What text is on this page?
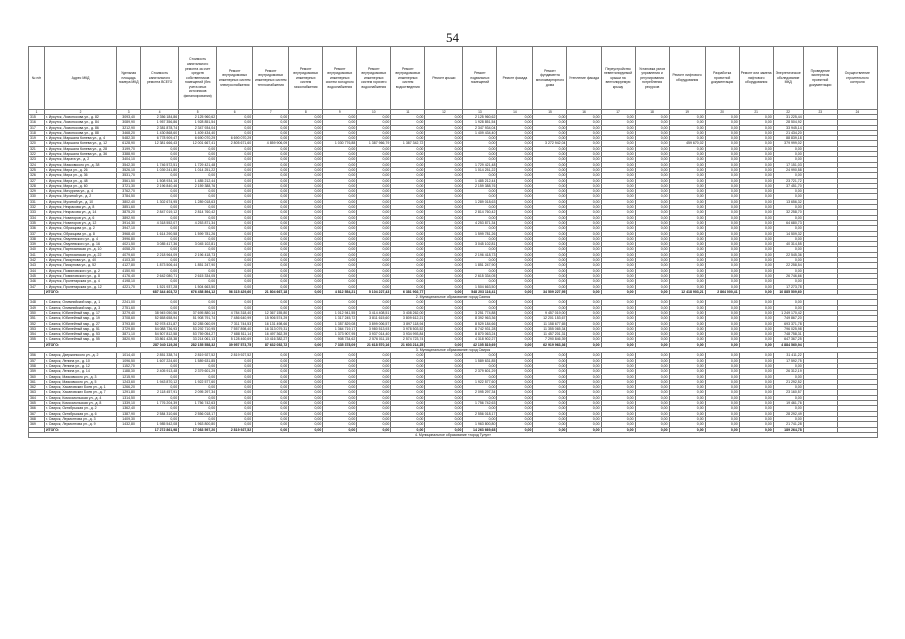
54
№ п/п	Адрес МКД	Удельная площадь номера МКД	Стоимость капитального ремонта ВСЕГО	Стоимость капитального ремонта за счет средств собственников помещений (без учета иных источников финансирования)	Ремонт внутридомовых инженерных систем электроснабжения	Ремонт внутридомовых инженерных систем теплоснабжения	Ремонт внутридомовых инженерных систем газоснабжения	Ремонт внутридомовых инженерных систем холодного водоснабжения	Ремонт внутридомовых инженерных систем горячего водоснабжения	Ремонт внутридомовых инженерных систем водоотведения	Ремонт крыши	Ремонт подвальных помещений	Ремонт фасада	Ремонт фундамента многоквартирного дома	Утепление фасада	Переустройство невентилируемой крыши на вентилируемую крышу	Установка узлов управления и регулирования потребления ресурсов	Ремонт лифтового оборудования	Разработка проектной документации	Ремонт или замена лифтового оборудования	Энергетическое обследование МКД	Проведение экспертизы проектной документации	Осуществление строительного контроля
1	2	3	4	5	6	7	8	9	10	11	12	13	14	15	16	17	18	19	20	21	22	23	24
315	г. Иркутск, Ломоносова ул., д. 82	3093,40	2 356 184,86	2 125 960,62	0,00	0,00	0,00	0,00	0,00	0,00	0,00	2 125 960,62	0,00	0,00	0,00	0,00	0,00	0,00	0,00	0,00	31 225,44		
316	г. Иркутск, Ломоносова ул., д. 84	3089,90	1 957 356,86	1 928 851,54	0,00	0,00	0,00	0,00	0,00	0,00	0,00	1 928 851,54	0,00	0,00	0,00	0,00	0,00	0,00	0,00	0,00	28 504,92		
317	г. Иркутск, Ломоносова ул., д. 86	3212,90	2 381 878,74	2 347 934,04	0,00	0,00	0,00	0,00	0,00	0,00	0,00	2 347 934,04	0,00	0,00	0,00	0,00	0,00	0,00	0,00	0,00	33 945,14		
318	г. Иркутск, Ломоносова ул., д. 88	3468,20	1 430 868,60	1 409 434,40	0,00	0,00	0,00	0,00	0,00	0,00	0,00	1 409 434,40	0,00	0,00	0,00	0,00	0,00	0,00	0,00	0,00	21 434,20		
319	г. Иркутск, Маршала Конева ул., д. 4	5482,30	6 778 909,47	6 690 070,29	6 690 070,29	0,00	0,00	0,00	0,00	0,00	0,00	0,00	0,00	0,00	0,00	0,00	0,00	0,00	0,00	0,00	88 839,18		
320	г. Иркутск, Маршала Конева ул., д. 12	6128,90	12 381 666,43	12 001 667,41	2 805 671,60	4 859 906,09	0,00	1 030 776,88	1 387 966,79	1 387 342,72	0,00	0,00	0,00	3 272 942,04	0,00	0,00	0,00	459 670,02	0,00	0,00	379 999,02		
321	г. Иркутск, Маршала Конева ул., д. 28	3199,70	0,00	0,00	0,00	0,00	0,00	0,00	0,00	0,00	0,00	0,00	0,00	0,00	0,00	0,00	0,00	0,00	0,00	0,00	0,00		
322	г. Иркутск, Маршала Конева ул., д. 36	3388,90	0,00	0,00	0,00	0,00	0,00	0,00	0,00	0,00	0,00	0,00	0,00	0,00	0,00	0,00	0,00	0,00	0,00	0,00	0,00		
323	г. Иркутск, Марата ул., д. 2	3404,10	0,00	0,00	0,00	0,00	0,00	0,00	0,00	0,00	0,00	0,00	0,00	0,00	0,00	0,00	0,00	0,00	0,00	0,00	0,00		
324	г. Иркутск, Маяковского ул., д. 38	3542,30	1 746 572,51	1 729 421,48	0,00	0,00	0,00	0,00	0,00	0,00	0,00	1 729 421,48	0,00	0,00	0,00	0,00	0,00	0,00	0,00	0,00	17 151,03		
325	г. Иркутск, Мира ул., д. 26	3526,10	1 039 241,80	1 014 251,22	0,00	0,00	0,00	0,00	0,00	0,00	0,00	1 014 251,22	0,00	0,00	0,00	0,00	0,00	0,00	0,00	0,00	24 990,58		
326	г. Иркутск, Мира ул., д. 36	3531,70	0,00	0,00	0,00	0,00	0,00	0,00	0,00	0,00	0,00	0,00	0,00	0,00	0,00	0,00	0,00	0,00	0,00	0,00	0,00		
327	г. Иркутск, Мира ул., д. 48	3561,50	1 508 934,16	1 485 212,44	0,00	0,00	0,00	0,00	0,00	0,00	0,00	1 485 212,44	0,00	0,00	0,00	0,00	0,00	0,00	0,00	0,00	23 721,72		
328	г. Иркутск, Мира ул., д. 60	3721,30	2 196 840,46	2 159 388,76	0,00	0,00	0,00	0,00	0,00	0,00	0,00	2 159 388,76	0,00	0,00	0,00	0,00	0,00	0,00	0,00	0,00	37 451,70		
329	г. Иркутск, Мичурина ул., д. 4	3762,70	0,00	0,00	0,00	0,00	0,00	0,00	0,00	0,00	0,00	0,00	0,00	0,00	0,00	0,00	0,00	0,00	0,00	0,00	0,00		
330	г. Иркутск, Мухиной ул., д. 2	3784,50	0,00	0,00	0,00	0,00	0,00	0,00	0,00	0,00	0,00	0,00	0,00	0,00	0,00	0,00	0,00	0,00	0,00	0,00	0,00		
331	г. Иркутск, Мухиной ул., д. 10	3802,40	1 302 674,95	1 289 018,63	0,00	0,00	0,00	0,00	0,00	0,00	0,00	1 289 018,63	0,00	0,00	0,00	0,00	0,00	0,00	0,00	0,00	13 656,32		
332	г. Иркутск, Некрасова ул., д. 8	3851,60	0,00	0,00	0,00	0,00	0,00	0,00	0,00	0,00	0,00	0,00	0,00	0,00	0,00	0,00	0,00	0,00	0,00	0,00	0,00		
333	г. Иркутск, Некрасова ул., д. 14	3875,20	2 847 019,12	2 814 760,42	0,00	0,00	0,00	0,00	0,00	0,00	0,00	2 814 760,42	0,00	0,00	0,00	0,00	0,00	0,00	0,00	0,00	32 258,70		
334	г. Иркутск, Новаторов ул., д. 6	3892,90	0,00	0,00	0,00	0,00	0,00	0,00	0,00	0,00	0,00	0,00	0,00	0,00	0,00	0,00	0,00	0,00	0,00	0,00	0,00		
335	г. Иркутск, Новаторов ул., д. 12	3914,30	4 318 552,07	4 253 871,34	0,00	0,00	0,00	0,00	0,00	0,00	0,00	4 253 871,34	0,00	0,00	0,00	0,00	0,00	0,00	0,00	0,00	64 680,73		
336	г. Иркутск, Образцова ул., д. 2	3947,10	0,00	0,00	0,00	0,00	0,00	0,00	0,00	0,00	0,00	0,00	0,00	0,00	0,00	0,00	0,00	0,00	0,00	0,00	0,00		
337	г. Иркутск, Образцова ул., д. 8	3968,40	1 614 290,58	1 599 781,26	0,00	0,00	0,00	0,00	0,00	0,00	0,00	1 599 781,26	0,00	0,00	0,00	0,00	0,00	0,00	0,00	0,00	14 509,32		
338	г. Иркутск, Омулевского ул., д. 4	3996,80	0,00	0,00	0,00	0,00	0,00	0,00	0,00	0,00	0,00	0,00	0,00	0,00	0,00	0,00	0,00	0,00	0,00	0,00	0,00		
339	г. Иркутск, Омулевского ул., д. 16	4021,50	3 085 417,36	3 045 102,81	0,00	0,00	0,00	0,00	0,00	0,00	0,00	3 045 102,81	0,00	0,00	0,00	0,00	0,00	0,00	0,00	0,00	40 314,55		
340	г. Иркутск, Партизанская ул., д. 10	4058,20	0,00	0,00	0,00	0,00	0,00	0,00	0,00	0,00	0,00	0,00	0,00	0,00	0,00	0,00	0,00	0,00	0,00	0,00	0,00		
341	г. Иркутск, Партизанская ул., д. 22	4079,60	2 218 964,09	2 196 418,73	0,00	0,00	0,00	0,00	0,00	0,00	0,00	2 196 418,73	0,00	0,00	0,00	0,00	0,00	0,00	0,00	0,00	22 545,36		
342	г. Иркутск, Пискунова ул., д. 40	4103,30	0,00	0,00	0,00	0,00	0,00	0,00	0,00	0,00	0,00	0,00	0,00	0,00	0,00	0,00	0,00	0,00	0,00	0,00	0,00		
343	г. Иркутск, Пискунова ул., д. 52	4127,80	1 873 506,44	1 851 247,90	0,00	0,00	0,00	0,00	0,00	0,00	0,00	1 851 247,90	0,00	0,00	0,00	0,00	0,00	0,00	0,00	0,00	22 258,54		
344	г. Иркутск, Помяловского ул., д. 2	4150,90	0,00	0,00	0,00	0,00	0,00	0,00	0,00	0,00	0,00	0,00	0,00	0,00	0,00	0,00	0,00	0,00	0,00	0,00	0,00		
345	г. Иркутск, Помяловского ул., д. 8	4176,40	2 642 080,71	2 615 334,05	0,00	0,00	0,00	0,00	0,00	0,00	0,00	2 615 334,05	0,00	0,00	0,00	0,00	0,00	0,00	0,00	0,00	26 746,66		
346	г. Иркутск, Пролетарская ул., д. 4	4198,10	0,00	0,00	0,00	0,00	0,00	0,00	0,00	0,00	0,00	0,00	0,00	0,00	0,00	0,00	0,00	0,00	0,00	0,00	0,00		
347	г. Иркутск, Пролетарская ул., д. 12	4221,70	1 521 937,28	1 504 663,50	0,00	0,00	0,00	0,00	0,00	0,00	0,00	1 504 663,50	0,00	0,00	0,00	0,00	0,00	0,00	0,00	0,00	17 273,78		
	ИТОГО:		687 344 403,72	676 458 894,12	56 315 429,60	21 804 667,18	0,00	4 812 554,21	5 104 227,43	6 381 902,77	0,00	548 203 116,41	0,00	34 509 227,95	0,00	0,00	0,00	12 418 903,21	2 864 000,41	0,00	10 885 509,60		
2. Муниципальное образование город Саянск																							
348	г. Саянск, Олимпийский мкр., д. 1	2241,00	0,00	0,00	0,00	0,00	0,00	0,00	0,00	0,00	0,00	0,00	0,00	0,00	0,00	0,00	0,00	0,00	0,00	0,00	0,00		
349	г. Саянск, Олимпийский мкр., д. 3	2751,60	0,00	0,00	0,00	0,00	0,00	0,00	0,00	0,00	0,00	0,00	0,00	0,00	0,00	0,00	0,00	0,00	0,00	0,00	0,00		
350	г. Саянск, Юбилейный мкр., д. 17	3279,40	38 945 050,56	37 695 880,14	4 784 318,40	12 367 155,80	0,00	1 012 941,55	3 414 408,51	3 408 262,00	0,00	3 251 774,88	0,00	9 457 019,00	0,00	0,00	0,00	0,00	0,00	0,00	1 249 170,42		
351	г. Саянск, Юбилейный мкр., д. 19	3708,60	52 658 658,94	51 908 791,74	7 486 640,99	15 906 574,29	0,00	1 317 245,72	3 811 615,60	3 809 612,21	0,00	8 392 963,36	0,00	12 201 153,67	0,00	0,00	0,00	0,00	0,00	0,00	749 867,20		
352	г. Саянск, Юбилейный мкр., д. 27	3793,80	52 978 431,87	52 285 060,09	7 311 744,53	16 131 498,66	0,00	1 357 829,08	3 899 006,57	3 897 118,94	0,00	8 529 184,66	0,00	11 158 677,65	0,00	0,00	0,00	0,00	0,00	0,00	693 371,78		
353	г. Саянск, Юбилейный мкр., д. 51	3729,80	54 088 736,93	53 292 710,95	7 557 898,40	16 313 079,31	0,00	1 364 719,17	3 980 513,93	3 978 503,52	0,00	8 742 931,28	0,00	11 355 065,34	0,00	0,00	0,00	0,00	0,00	0,00	796 025,98		
354	г. Саянск, Юбилейный мкр., д. 53	3871,10	54 507 812,58	53 759 054,27	7 688 511,14	16 497 362,39	0,00	1 373 907,95	3 937 014,40	3 934 993,84	0,00	8 870 063,24	0,00	11 457 201,31	0,00	0,00	0,00	0,00	0,00	0,00	748 758,31		
355	г. Саянск, Юбилейный мкр., д. 55	3820,90	33 861 428,38	33 214 061,13	5 128 460,69	10 416 382,27	0,00	908 734,62	2 576 011,15	2 574 723,74	0,00	4 318 902,27	0,00	7 290 846,39	0,00	0,00	0,00	0,00	0,00	0,00	647 367,25		
	ИТОГО:		287 040 119,26	282 155 558,32	39 957 573,75	87 632 052,72	0,00	7 335 378,09	21 618 570,16	21 603 214,25	0,00	42 105 819,69	0,00	62 919 963,36	0,00	0,00	0,00	0,00	0,00	0,00	4 884 560,94		
3. Муниципальное образование город Свирск																							
356	г. Свирск, Дзержинского ул., д. 2	1014,40	2 851 338,74	2 819 927,52	2 819 927,52	0,00	0,00	0,00	0,00	0,00	0,00	0,00	0,00	0,00	0,00	0,00	0,00	0,00	0,00	0,00	31 411,22		
357	г. Свирск, Ленина ул., д. 10	1096,50	1 607 224,60	1 589 631,85	0,00	0,00	0,00	0,00	0,00	0,00	0,00	1 589 631,85	0,00	0,00	0,00	0,00	0,00	0,00	0,00	0,00	17 592,75		
358	г. Свирск, Ленина ул., д. 12	1152,70	0,00	0,00	0,00	0,00	0,00	0,00	0,00	0,00	0,00	0,00	0,00	0,00	0,00	0,00	0,00	0,00	0,00	0,00	0,00		
359	г. Свирск, Ленина ул., д. 14	1188,30	2 405 913,48	2 379 601,29	0,00	0,00	0,00	0,00	0,00	0,00	0,00	2 379 601,29	0,00	0,00	0,00	0,00	0,00	0,00	0,00	0,00	26 312,19		
360	г. Свирск, Маяковского ул., д. 3	1215,90	0,00	0,00	0,00	0,00	0,00	0,00	0,00	0,00	0,00	0,00	0,00	0,00	0,00	0,00	0,00	0,00	0,00	0,00	0,00		
361	г. Свирск, Маяковского ул., д. 5	1243,60	1 943 870,12	1 922 577,60	0,00	0,00	0,00	0,00	0,00	0,00	0,00	1 922 577,60	0,00	0,00	0,00	0,00	0,00	0,00	0,00	0,00	21 292,52		
362	г. Свирск, Хасановских Боев ул., д. 1	1266,20	0,00	0,00	0,00	0,00	0,00	0,00	0,00	0,00	0,00	0,00	0,00	0,00	0,00	0,00	0,00	0,00	0,00	0,00	0,00		
363	г. Свирск, Хасановских Боев ул., д. 7	1291,80	2 118 457,91	2 095 297,34	0,00	0,00	0,00	0,00	0,00	0,00	0,00	2 095 297,34	0,00	0,00	0,00	0,00	0,00	0,00	0,00	0,00	23 160,57		
364	г. Свирск, Комсомольская ул., д. 4	1314,50	0,00	0,00	0,00	0,00	0,00	0,00	0,00	0,00	0,00	0,00	0,00	0,00	0,00	0,00	0,00	0,00	0,00	0,00	0,00		
365	г. Свирск, Комсомольская ул., д. 8	1339,10	1 776 204,39	1 756 742,63	0,00	0,00	0,00	0,00	0,00	0,00	0,00	1 756 742,63	0,00	0,00	0,00	0,00	0,00	0,00	0,00	0,00	19 461,76		
366	г. Свирск, Октябрьская ул., д. 2	1362,40	0,00	0,00	0,00	0,00	0,00	0,00	0,00	0,00	0,00	0,00	0,00	0,00	0,00	0,00	0,00	0,00	0,00	0,00	0,00		
367	г. Свирск, Октябрьская ул., д. 6	1387,90	2 584 310,66	2 556 018,17	0,00	0,00	0,00	0,00	0,00	0,00	0,00	2 556 018,17	0,00	0,00	0,00	0,00	0,00	0,00	0,00	0,00	28 292,49		
368	г. Свирск, Лермонтова ул., д. 3	1409,30	0,00	0,00	0,00	0,00	0,00	0,00	0,00	0,00	0,00	0,00	0,00	0,00	0,00	0,00	0,00	0,00	0,00	0,00	0,00		
369	г. Свирск, Лермонтова ул., д. 9	1432,80	1 985 542,08	1 963 800,80	0,00	0,00	0,00	0,00	0,00	0,00	0,00	1 963 800,80	0,00	0,00	0,00	0,00	0,00	0,00	0,00	0,00	21 741,28		
	ИТОГО:		17 272 861,98	17 083 597,20	2 819 927,52	0,00	0,00	0,00	0,00	0,00	0,00	14 263 669,68	0,00	0,00	0,00	0,00	0,00	0,00	0,00	0,00	189 264,78		
4. Муниципальное образование «город Тулун»																							
